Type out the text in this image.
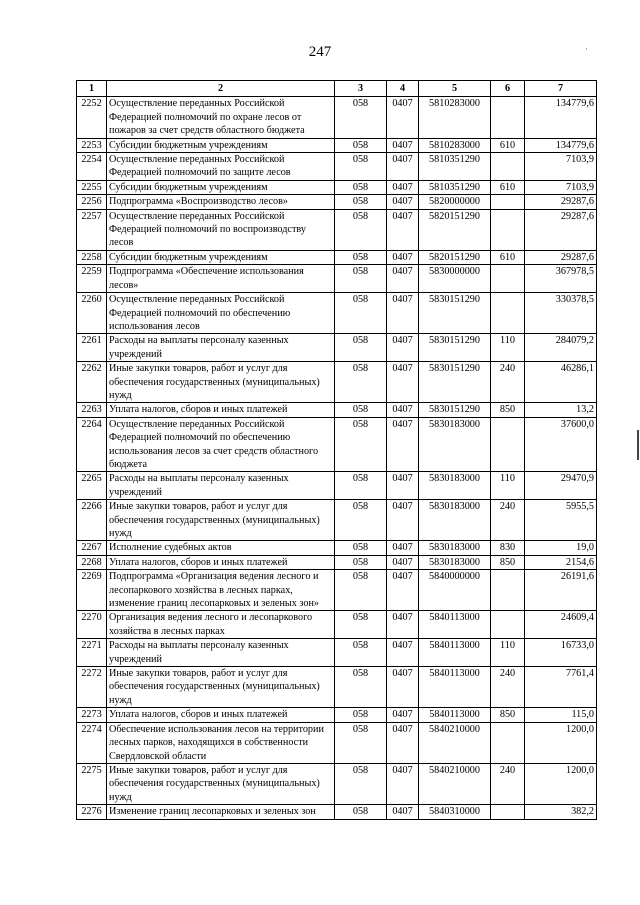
247	·
1	2	3	4	5	6	7
2252	Осуществление переданных Российской Федерацией полномочий по охране лесов от пожаров за счет средств областного бюджета	058	0407	5810283000		134779,6
2253	Субсидии бюджетным учреждениям	058	0407	5810283000	610	134779,6
2254	Осуществление переданных Российской Федерацией полномочий по защите лесов	058	0407	5810351290		7103,9
2255	Субсидии бюджетным учреждениям	058	0407	5810351290	610	7103,9
2256	Подпрограмма «Воспроизводство лесов»	058	0407	5820000000		29287,6
2257	Осуществление переданных Российской Федерацией полномочий по воспроизводству лесов	058	0407	5820151290		29287,6
2258	Субсидии бюджетным учреждениям	058	0407	5820151290	610	29287,6
2259	Подпрограмма «Обеспечение использования лесов»	058	0407	5830000000		367978,5
2260	Осуществление переданных Российской Федерацией полномочий по обеспечению использования лесов	058	0407	5830151290		330378,5
2261	Расходы на выплаты персоналу казенных учреждений	058	0407	5830151290	110	284079,2
2262	Иные закупки товаров, работ и услуг для обеспечения государственных (муниципальных) нужд	058	0407	5830151290	240	46286,1
2263	Уплата налогов, сборов и иных платежей	058	0407	5830151290	850	13,2
2264	Осуществление переданных Российской Федерацией полномочий по обеспечению использования лесов за счет средств областного бюджета	058	0407	5830183000		37600,0
2265	Расходы на выплаты персоналу казенных учреждений	058	0407	5830183000	110	29470,9
2266	Иные закупки товаров, работ и услуг для обеспечения государственных (муниципальных) нужд	058	0407	5830183000	240	5955,5
2267	Исполнение судебных актов	058	0407	5830183000	830	19,0
2268	Уплата налогов, сборов и иных платежей	058	0407	5830183000	850	2154,6
2269	Подпрограмма «Организация ведения лесного и лесопаркового хозяйства в лесных парках, изменение границ лесопарковых и зеленых зон»	058	0407	5840000000		26191,6
2270	Организация ведения лесного и лесопаркового хозяйства в лесных парках	058	0407	5840113000		24609,4
2271	Расходы на выплаты персоналу казенных учреждений	058	0407	5840113000	110	16733,0
2272	Иные закупки товаров, работ и услуг для обеспечения государственных (муниципальных) нужд	058	0407	5840113000	240	7761,4
2273	Уплата налогов, сборов и иных платежей	058	0407	5840113000	850	115,0
2274	Обеспечение использования лесов на территории лесных парков, находящихся в собственности Свердловской области	058	0407	5840210000		1200,0
2275	Иные закупки товаров, работ и услуг для обеспечения государственных (муниципальных) нужд	058	0407	5840210000	240	1200,0
2276	Изменение границ лесопарковых и зеленых зон	058	0407	5840310000		382,2
